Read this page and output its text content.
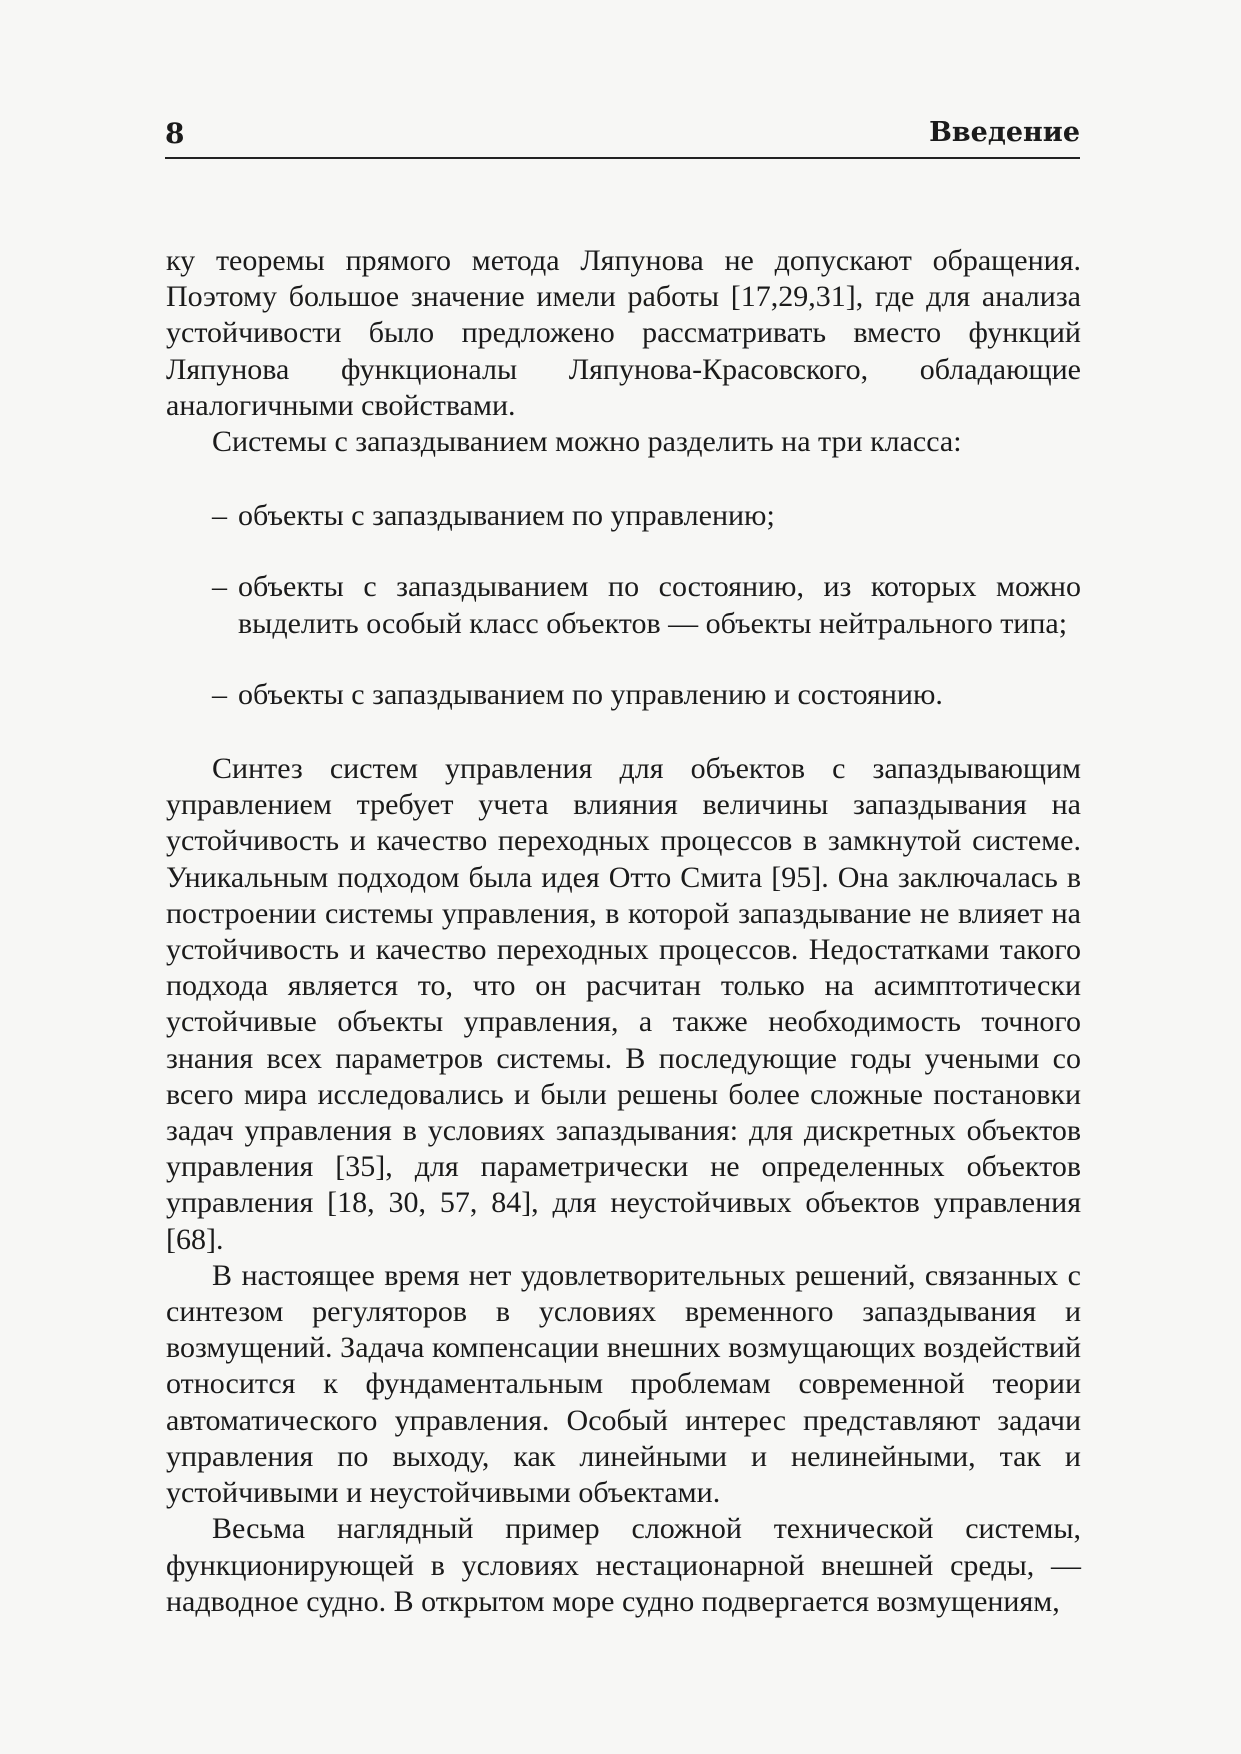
8	Введение

ку теоремы прямого метода Ляпунова не допускают обращения. Поэтому большое значение имели работы [17,29,31], где для анализа устойчивости было предложено рассматривать вместо функций Ляпунова функционалы Ляпунова-Красовского, обладающие аналогичными свойствами.

Системы с запаздыванием можно разделить на три класса:

– объекты с запаздыванием по управлению;
– объекты с запаздыванием по состоянию, из которых можно выделить особый класс объектов — объекты нейтрального типа;
– объекты с запаздыванием по управлению и состоянию.

Синтез систем управления для объектов с запаздывающим управлением требует учета влияния величины запаздывания на устойчивость и качество переходных процессов в замкнутой системе. Уникальным подходом была идея Отто Смита [95]. Она заключалась в построении системы управления, в которой запаздывание не влияет на устойчивость и качество переходных процессов. Недостатками такого подхода является то, что он расчитан только на асимптотически устойчивые объекты управления, а также необходимость точного знания всех параметров системы. В последующие годы учеными со всего мира исследовались и были решены более сложные постановки задач управления в условиях запаздывания: для дискретных объектов управления [35], для параметрически не определенных объектов управления [18, 30, 57, 84], для неустойчивых объектов управления [68].

В настоящее время нет удовлетворительных решений, связанных с синтезом регуляторов в условиях временного запаздывания и возмущений. Задача компенсации внешних возмущающих воздействий относится к фундаментальным проблемам современной теории автоматического управления. Особый интерес представляют задачи управления по выходу, как линейными и нелинейными, так и устойчивыми и неустойчивыми объектами.

Весьма наглядный пример сложной технической системы, функционирующей в условиях нестационарной внешней среды, — надводное судно. В открытом море судно подвергается возмущениям,
